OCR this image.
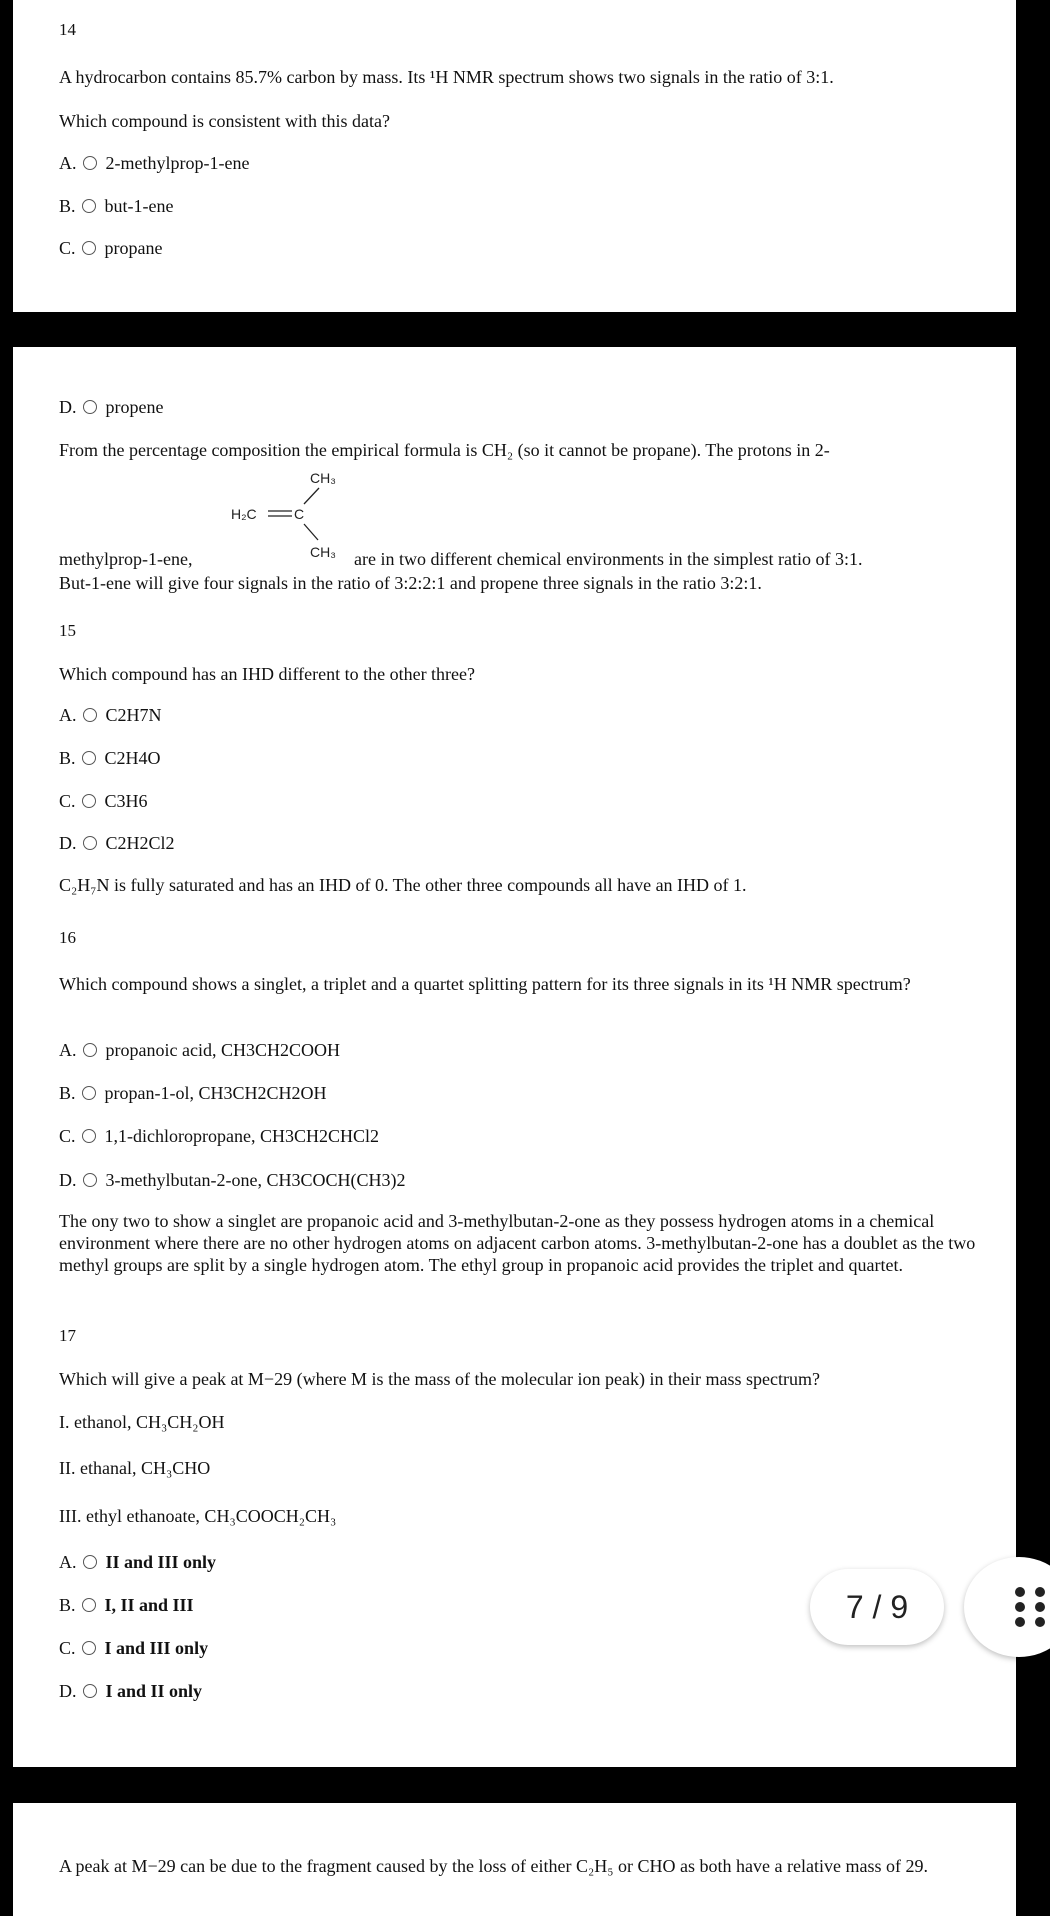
14
A hydrocarbon contains 85.7% carbon by mass. Its ¹H NMR spectrum shows two signals in the ratio of 3:1.
Which compound is consistent with this data?
A. 2-methylprop-1-ene
B. but-1-ene
C. propane
D. propene
From the percentage composition the empirical formula is CH₂ (so it cannot be propane). The protons in 2-
CH₃
H₂C	C
CH₃
methylprop-1-ene,	are in two different chemical environments in the simplest ratio of 3:1.
But-1-ene will give four signals in the ratio of 3:2:2:1 and propene three signals in the ratio 3:2:1.
15
Which compound has an IHD different to the other three?
A. C2H7N
B. C2H4O
C. C3H6
D. C2H2Cl2
C₂H₇N is fully saturated and has an IHD of 0. The other three compounds all have an IHD of 1.
16
Which compound shows a singlet, a triplet and a quartet splitting pattern for its three signals in its ¹H NMR spectrum?
A. propanoic acid, CH3CH2COOH
B. propan-1-ol, CH3CH2CH2OH
C. 1,1-dichloropropane, CH3CH2CHCl2
D. 3-methylbutan-2-one, CH3COCH(CH3)2
The ony two to show a singlet are propanoic acid and 3-methylbutan-2-one as they possess hydrogen atoms in a chemical environment where there are no other hydrogen atoms on adjacent carbon atoms. 3-methylbutan-2-one has a doublet as the two methyl groups are split by a single hydrogen atom. The ethyl group in propanoic acid provides the triplet and quartet.
17
Which will give a peak at M−29 (where M is the mass of the molecular ion peak) in their mass spectrum?
I. ethanol, CH₃CH₂OH
II. ethanal, CH₃CHO
III. ethyl ethanoate, CH₃COOCH₂CH₃
A. II and III only
B. I, II and III
C. I and III only
D. I and II only
A peak at M−29 can be due to the fragment caused by the loss of either C₂H₅ or CHO as both have a relative mass of 29.
7 / 9
